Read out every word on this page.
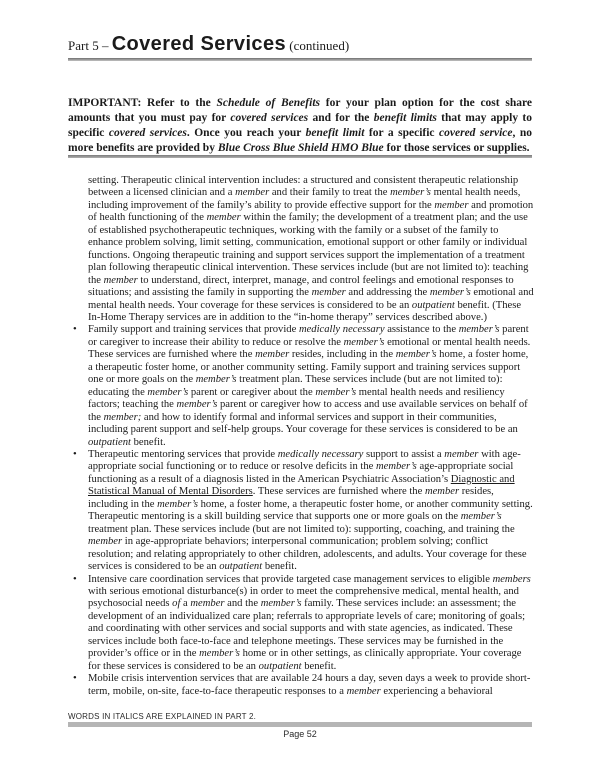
Part 5 – Covered Services (continued)

IMPORTANT: Refer to the Schedule of Benefits for your plan option for the cost share amounts that you must pay for covered services and for the benefit limits that may apply to specific covered services. Once you reach your benefit limit for a specific covered service, no more benefits are provided by Blue Cross Blue Shield HMO Blue for those services or supplies.

setting. Therapeutic clinical intervention includes: a structured and consistent therapeutic relationship between a licensed clinician and a member and their family to treat the member’s mental health needs, including improvement of the family’s ability to provide effective support for the member and promotion of health functioning of the member within the family; the development of a treatment plan; and the use of established psychotherapeutic techniques, working with the family or a subset of the family to enhance problem solving, limit setting, communication, emotional support or other family or individual functions. Ongoing therapeutic training and support services support the implementation of a treatment plan following therapeutic clinical intervention. These services include (but are not limited to): teaching the member to understand, direct, interpret, manage, and control feelings and emotional responses to situations; and assisting the family in supporting the member and addressing the member’s emotional and mental health needs. Your coverage for these services is considered to be an outpatient benefit. (These In-Home Therapy services are in addition to the “in-home therapy” services described above.)
•	Family support and training services that provide medically necessary assistance to the member’s parent or caregiver to increase their ability to reduce or resolve the member’s emotional or mental health needs. These services are furnished where the member resides, including in the member’s home, a foster home, a therapeutic foster home, or another community setting. Family support and training services support one or more goals on the member’s treatment plan. These services include (but are not limited to): educating the member’s parent or caregiver about the member’s mental health needs and resiliency factors; teaching the member’s parent or caregiver how to access and use available services on behalf of the member; and how to identify formal and informal services and support in their communities, including parent support and self-help groups. Your coverage for these services is considered to be an outpatient benefit.
•	Therapeutic mentoring services that provide medically necessary support to assist a member with age-appropriate social functioning or to reduce or resolve deficits in the member’s age-appropriate social functioning as a result of a diagnosis listed in the American Psychiatric Association’s Diagnostic and Statistical Manual of Mental Disorders. These services are furnished where the member resides, including in the member’s home, a foster home, a therapeutic foster home, or another community setting. Therapeutic mentoring is a skill building service that supports one or more goals on the member’s treatment plan. These services include (but are not limited to): supporting, coaching, and training the member in age-appropriate behaviors; interpersonal communication; problem solving; conflict resolution; and relating appropriately to other children, adolescents, and adults. Your coverage for these services is considered to be an outpatient benefit.
•	Intensive care coordination services that provide targeted case management services to eligible members with serious emotional disturbance(s) in order to meet the comprehensive medical, mental health, and psychosocial needs of a member and the member’s family. These services include: an assessment; the development of an individualized care plan; referrals to appropriate levels of care; monitoring of goals; and coordinating with other services and social supports and with state agencies, as indicated. These services include both face-to-face and telephone meetings. These services may be furnished in the provider’s office or in the member’s home or in other settings, as clinically appropriate. Your coverage for these services is considered to be an outpatient benefit.
•	Mobile crisis intervention services that are available 24 hours a day, seven days a week to provide short-term, mobile, on-site, face-to-face therapeutic responses to a member experiencing a behavioral
WORDS IN ITALICS ARE EXPLAINED IN PART 2.
Page 52
